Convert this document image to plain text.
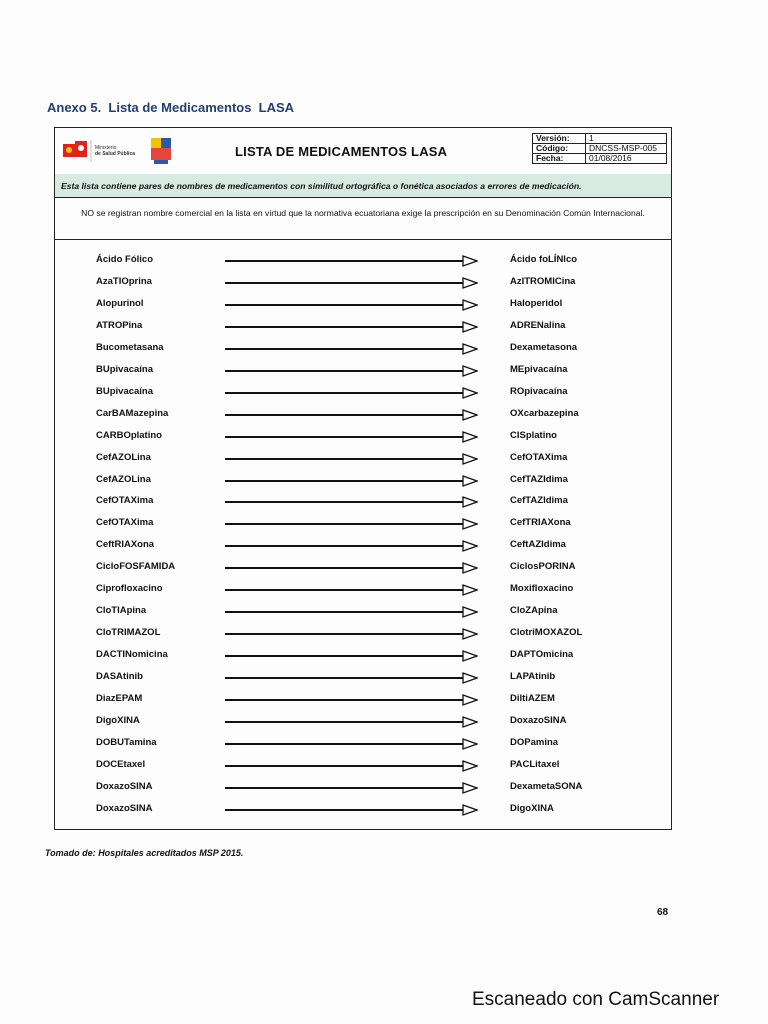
Anexo 5.  Lista de Medicamentos  LASA
Ministerio
de Salud Pública	LISTA DE MEDICAMENTOS LASA
Versión:	1
Código:	DNCSS-MSP-005
Fecha:	01/08/2016
Esta lista contiene pares de nombres de medicamentos con similitud ortográfica o fonética asociados a errores de medicación.
NO se registran nombre comercial en la lista en virtud que la normativa ecuatoriana exige la prescripción en su Denominación Común Internacional.
Ácido Fólico	Ácido foLÍNIco
AzaTIOprina	AzITROMICina
Alopurinol	Haloperidol
ATROPina	ADRENalina
Bucometasana	Dexametasona
BUpivacaína	MEpivacaína
BUpivacaína	ROpivacaína
CarBAMazepina	OXcarbazepina
CARBOplatino	CISplatino
CefAZOLina	CefOTAXima
CefAZOLina	CefTAZIdima
CefOTAXima	CefTAZIdima
CefOTAXima	CefTRIAXona
CeftRIAXona	CeftAZIdima
CicloFOSFAMIDA	CiclosPORINA
Ciprofloxacino	Moxifloxacino
CloTIApina	CloZApina
CloTRIMAZOL	ClotriMOXAZOL
DACTINomicina	DAPTOmicina
DASAtinib	LAPAtinib
DiazEPAM	DiltiAZEM
DigoXINA	DoxazoSINA
DOBUTamina	DOPamina
DOCEtaxel	PACLitaxel
DoxazoSINA	DexametaSONA
DoxazoSINA	DigoXINA
Tomado de: Hospitales acreditados MSP 2015.
68
Escaneado con CamScanner
